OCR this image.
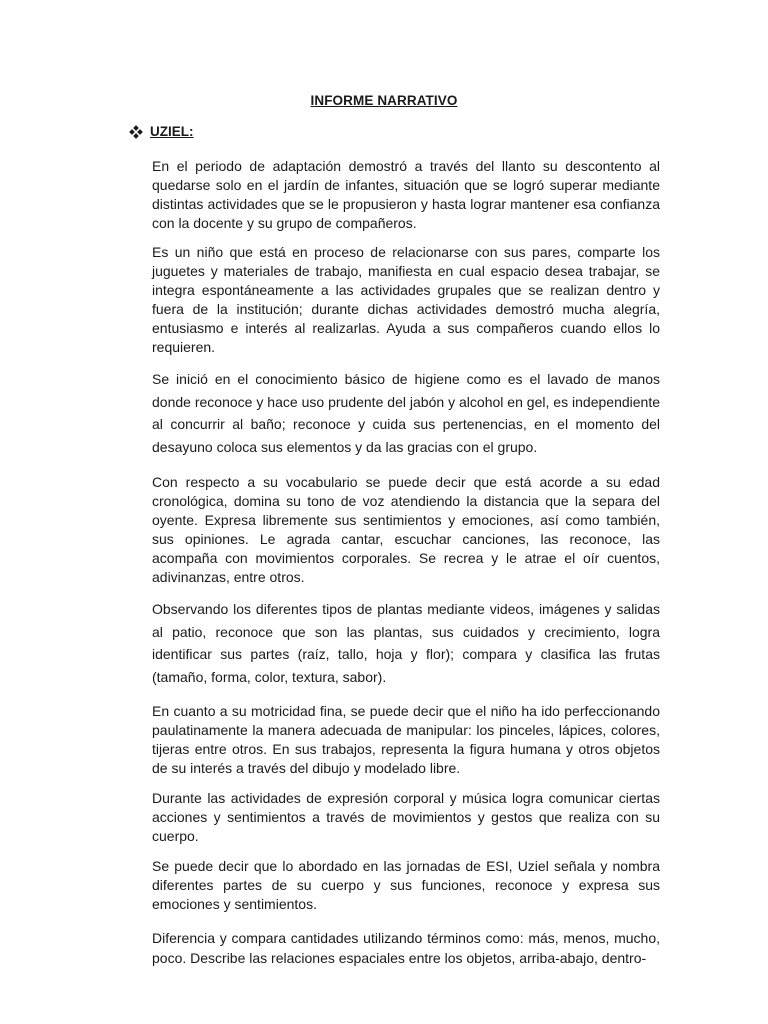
INFORME NARRATIVO
UZIEL:

En el periodo de adaptación demostró a través del llanto su descontento al quedarse solo en el jardín de infantes, situación que se logró superar mediante distintas actividades que se le propusieron y hasta lograr mantener esa confianza con la docente y su grupo de compañeros.

Es un niño que está en proceso de relacionarse con sus pares, comparte los juguetes y materiales de trabajo, manifiesta en cual espacio desea trabajar, se integra espontáneamente a las actividades grupales que se realizan dentro y fuera de la institución; durante dichas actividades demostró mucha alegría, entusiasmo e interés al realizarlas. Ayuda a sus compañeros cuando ellos lo requieren.

Se inició en el conocimiento básico de higiene como es el lavado de manos donde reconoce y hace uso prudente del jabón y alcohol en gel, es independiente al concurrir al baño; reconoce y cuida sus pertenencias, en el momento del desayuno coloca sus elementos y da las gracias con el grupo.

Con respecto a su vocabulario se puede decir que está acorde a su edad cronológica, domina su tono de voz atendiendo la distancia que la separa del oyente. Expresa libremente sus sentimientos y emociones, así como también, sus opiniones. Le agrada cantar, escuchar canciones, las reconoce, las acompaña con movimientos corporales. Se recrea y le atrae el oír cuentos, adivinanzas, entre otros.

Observando los diferentes tipos de plantas mediante videos, imágenes y salidas al patio, reconoce que son las plantas, sus cuidados y crecimiento, logra identificar sus partes (raíz, tallo, hoja y flor); compara y clasifica las frutas (tamaño, forma, color, textura, sabor).

En cuanto a su motricidad fina, se puede decir que el niño ha ido perfeccionando paulatinamente la manera adecuada de manipular: los pinceles, lápices, colores, tijeras entre otros. En sus trabajos, representa la figura humana y otros objetos de su interés a través del dibujo y modelado libre.

Durante las actividades de expresión corporal y música logra comunicar ciertas acciones y sentimientos a través de movimientos y gestos que realiza con su cuerpo.

Se puede decir que lo abordado en las jornadas de ESI, Uziel señala y nombra diferentes partes de su cuerpo y sus funciones, reconoce y expresa sus emociones y sentimientos.

Diferencia y compara cantidades utilizando términos como: más, menos, mucho, poco. Describe las relaciones espaciales entre los objetos, arriba-abajo, dentro-
